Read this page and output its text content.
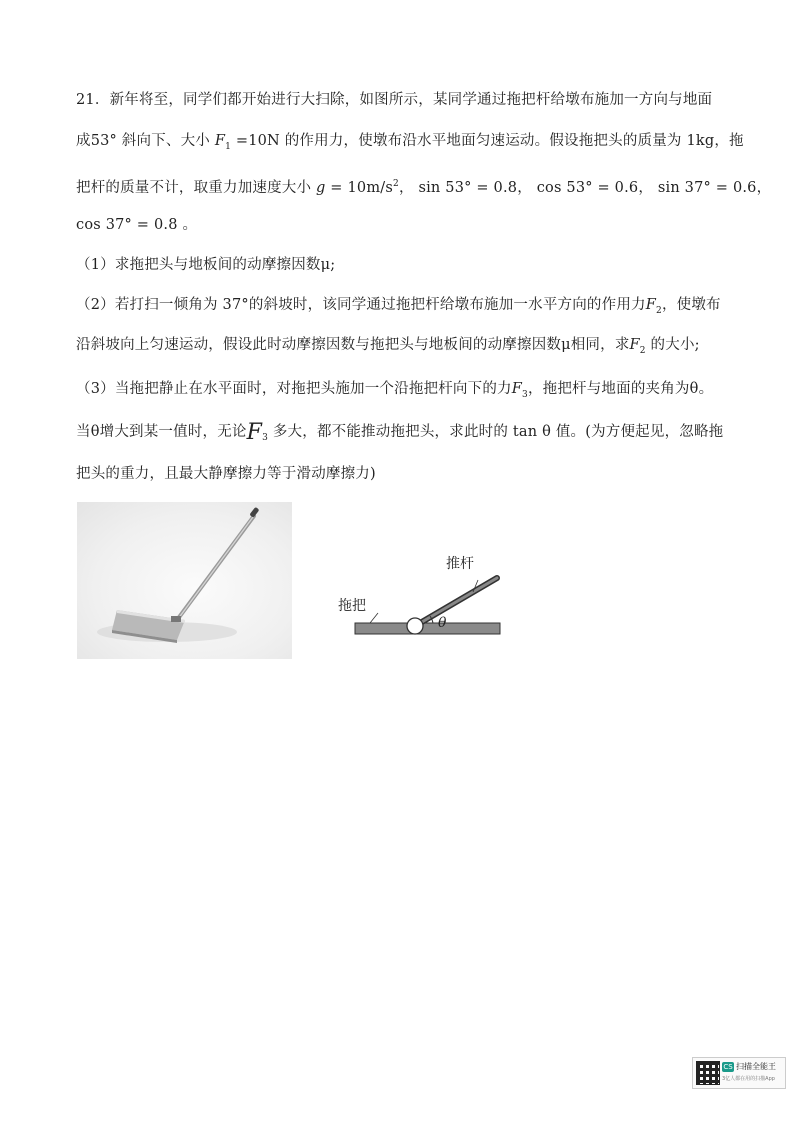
21．新年将至，同学们都开始进行大扫除，如图所示，某同学通过拖把杆给墩布施加一方向与地面
成53° 斜向下、大小 $F_1 =10N$ 的作用力，使墩布沿水平地面匀速运动。假设拖把头的质量为 1kg，拖
把杆的质量不计，取重力加速度大小 $g = 10m/s^2$， sin 53° = 0.8， cos 53° = 0.6， sin 37° = 0.6，
cos 37° = 0.8 。
（1）求拖把头与地板间的动摩擦因数μ;
（2）若打扫一倾角为 37°的斜坡时，该同学通过拖把杆给墩布施加一水平方向的作用力$F_2$，使墩布
沿斜坡向上匀速运动，假设此时动摩擦因数与拖把头与地板间的动摩擦因数μ相同，求$F_2$ 的大小;
（3）当拖把静止在水平面时，对拖把头施加一个沿拖把杆向下的力$F_3$，拖把杆与地面的夹角为θ。
当θ增大到某一值时，无论$F_3$ 多大，都不能推动拖把头，求此时的 tan θ 值。(为方便起见，忽略拖
把头的重力，且最大静摩擦力等于滑动摩擦力)
推杆
拖把
θ
CS 扫描全能王
3亿人都在用的扫描App
